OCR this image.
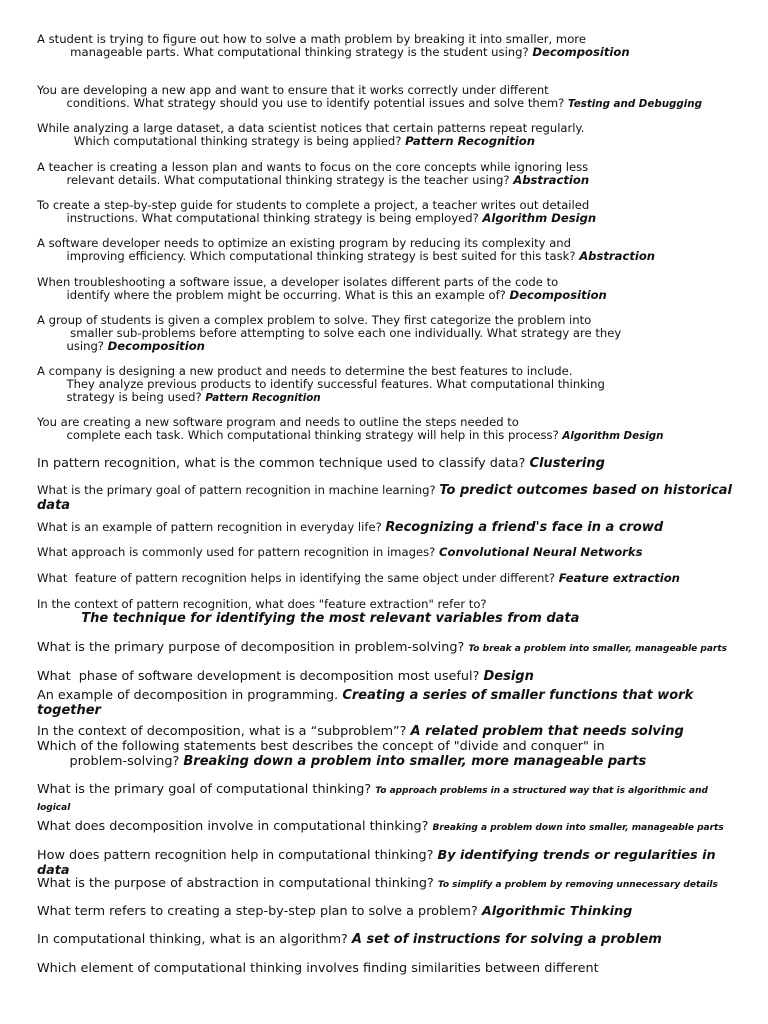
A student is trying to figure out how to solve a math problem by breaking it into smaller, more
manageable parts. What computational thinking strategy is the student using? Decomposition

You are developing a new app and want to ensure that it works correctly under different
conditions. What strategy should you use to identify potential issues and solve them? Testing and Debugging

While analyzing a large dataset, a data scientist notices that certain patterns repeat regularly.
Which computational thinking strategy is being applied? Pattern Recognition

A teacher is creating a lesson plan and wants to focus on the core concepts while ignoring less
relevant details. What computational thinking strategy is the teacher using? Abstraction

To create a step-by-step guide for students to complete a project, a teacher writes out detailed
instructions. What computational thinking strategy is being employed? Algorithm Design

A software developer needs to optimize an existing program by reducing its complexity and
improving efficiency. Which computational thinking strategy is best suited for this task? Abstraction

When troubleshooting a software issue, a developer isolates different parts of the code to
identify where the problem might be occurring. What is this an example of? Decomposition

A group of students is given a complex problem to solve. They first categorize the problem into
smaller sub-problems before attempting to solve each one individually. What strategy are they
using? Decomposition

A company is designing a new product and needs to determine the best features to include.
They analyze previous products to identify successful features. What computational thinking
strategy is being used? Pattern Recognition

You are creating a new software program and needs to outline the steps needed to
complete each task. Which computational thinking strategy will help in this process? Algorithm Design

In pattern recognition, what is the common technique used to classify data? Clustering

What is the primary goal of pattern recognition in machine learning? To predict outcomes based on historical data

What is an example of pattern recognition in everyday life? Recognizing a friend's face in a crowd

What approach is commonly used for pattern recognition in images? Convolutional Neural Networks

What  feature of pattern recognition helps in identifying the same object under different? Feature extraction

In the context of pattern recognition, what does "feature extraction" refer to?
The technique for identifying the most relevant variables from data

What is the primary purpose of decomposition in problem-solving? To break a problem into smaller, manageable parts

What  phase of software development is decomposition most useful? Design

An example of decomposition in programming. Creating a series of smaller functions that work together

In the context of decomposition, what is a “subproblem”? A related problem that needs solving

Which of the following statements best describes the concept of "divide and conquer" in
problem-solving? Breaking down a problem into smaller, more manageable parts

What is the primary goal of computational thinking? To approach problems in a structured way that is algorithmic and logical

What does decomposition involve in computational thinking? Breaking a problem down into smaller, manageable parts

How does pattern recognition help in computational thinking? By identifying trends or regularities in data

What is the purpose of abstraction in computational thinking? To simplify a problem by removing unnecessary details

What term refers to creating a step-by-step plan to solve a problem? Algorithmic Thinking

In computational thinking, what is an algorithm? A set of instructions for solving a problem

Which element of computational thinking involves finding similarities between different
